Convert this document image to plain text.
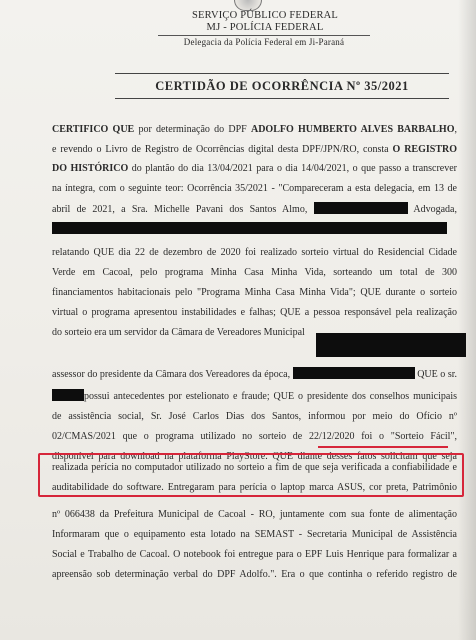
SERVIÇO PÚBLICO FEDERAL
MJ - POLÍCIA FEDERAL
Delegacia da Polícia Federal em Ji-Paraná
CERTIDÃO DE OCORRÊNCIA Nº 35/2021
CERTIFICO QUE por determinação do DPF ADOLFO HUMBERTO ALVES BARBALHO,
e revendo o Livro de Registro de Ocorrências digital desta DPF/JPN/RO, consta O REGISTRO
DO HISTÓRICO do plantão do dia 13/04/2021 para o dia 14/04/2021, o que passo a transcrever
na íntegra, com o seguinte teor: Ocorrência 35/2021 - "Compareceram a esta delegacia, em 13 de
abril de 2021, a Sra. Michelle Pavani dos Santos Almo,	Advogada,
relatando QUE dia 22 de dezembro de 2020 foi realizado sorteio virtual do Residencial Cidade
Verde em Cacoal, pelo programa Minha Casa Minha Vida, sorteando um total de 300
financiamentos habitacionais pelo "Programa Minha Casa Minha Vida"; QUE durante o sorteio
virtual o programa apresentou instabilidades e falhas; QUE a pessoa responsável pela realização
do sorteio era um servidor da Câmara de Vereadores Municipal
assessor do presidente da Câmara dos Vereadores da época,	QUE o sr.
possui antecedentes por estelionato e fraude; QUE o presidente dos conselhos municipais
de assistência social, Sr. José Carlos Dias dos Santos, informou por meio do Ofício nº
02/CMAS/2021 que o programa utilizado no sorteio de 22/12/2020 foi o "Sorteio Fácil",
disponível para download na plataforma PlayStore. QUE diante desses fatos solicitam que seja
realizada perícia no computador utilizado no sorteio a fim de que seja verificada a confiabilidade e
auditabilidade do software. Entregaram para perícia o laptop marca ASUS, cor preta, Patrimônio
nº 066438 da Prefeitura Municipal de Cacoal - RO, juntamente com sua fonte de alimentação
Informaram que o equipamento esta lotado na SEMAST - Secretaria Municipal de Assistência
Social e Trabalho de Cacoal. O notebook foi entregue para o EPF Luis Henrique para formalizar a
apreensão sob determinação verbal do DPF Adolfo.". Era o que continha o referido registro de
